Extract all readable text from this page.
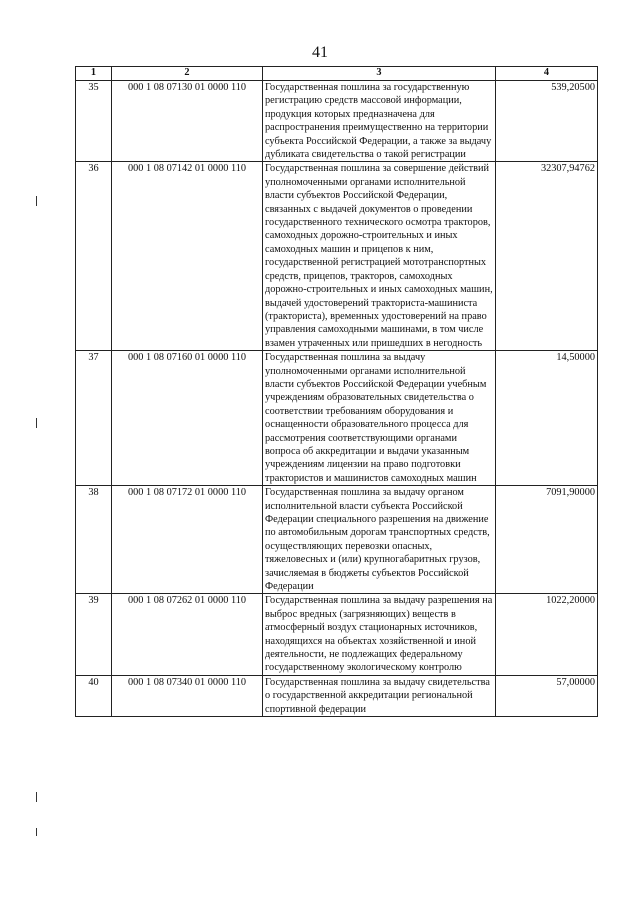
41
1	2	3	4
35	000 1 08 07130 01 0000 110	Государственная пошлина за государственную регистрацию средств массовой информации, продукция которых предназначена для распространения преимущественно на территории субъекта Российской Федерации, а также за выдачу дубликата свидетельства о такой регистрации	539,20500
36	000 1 08 07142 01 0000 110	Государственная пошлина за совершение действий уполномоченными органами исполнительной власти субъектов Российской Федерации, связанных с выдачей документов о проведении государственного технического осмотра тракторов, самоходных дорожно-строительных и иных самоходных машин и прицепов к ним, государственной регистрацией мототранспортных средств, прицепов, тракторов, самоходных дорожно-строительных и иных самоходных машин, выдачей удостоверений тракториста-машиниста (тракториста), временных удостоверений на право управления самоходными машинами, в том числе взамен утраченных или пришедших в негодность	32307,94762
37	000 1 08 07160 01 0000 110	Государственная пошлина за выдачу уполномоченными органами исполнительной власти субъектов Российской Федерации учебным учреждениям образовательных свидетельства о соответствии требованиям оборудования и оснащенности образовательного процесса для рассмотрения соответствующими органами вопроса об аккредитации и выдачи указанным учреждениям лицензии на право подготовки трактористов и машинистов самоходных машин	14,50000
38	000 1 08 07172 01 0000 110	Государственная пошлина за выдачу органом исполнительной власти субъекта Российской Федерации специального разрешения на движение по автомобильным дорогам транспортных средств, осуществляющих перевозки опасных, тяжеловесных и (или) крупногабаритных грузов, зачисляемая в бюджеты субъектов Российской Федерации	7091,90000
39	000 1 08 07262 01 0000 110	Государственная пошлина за выдачу разрешения на выброс вредных (загрязняющих) веществ в атмосферный воздух стационарных источников, находящихся на объектах хозяйственной и иной деятельности, не подлежащих федеральному государственному экологическому контролю	1022,20000
40	000 1 08 07340 01 0000 110	Государственная пошлина за выдачу свидетельства о государственной аккредитации региональной спортивной федерации	57,00000
